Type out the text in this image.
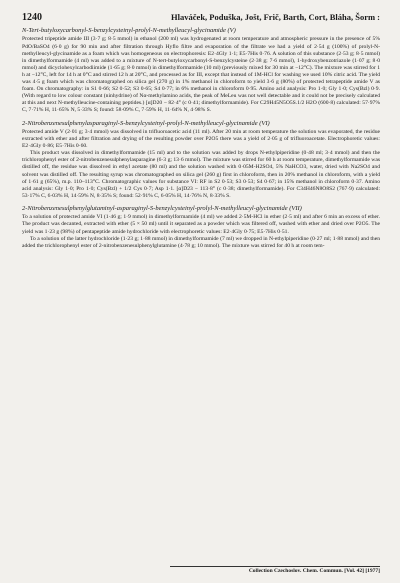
1240	Hlaváček, Poduška, Jošt, Frič, Barth, Cort, Bláha, Šorm :
N-Tert-butyloxycarbonyl-S-benzylcysteinyl-prolyl-N-methylleucyl-glycinamide (V)

Protected tripeptide amide III (3·7 g; 8·5 mmol) in ethanol (200 ml) was hydrogenated at room temperature and atmospheric pressure in the presence of 5% PdO/BaSO4 (6·0 g) for 90 min and after filtration through Hyflo filtre and evaporation of the filtrate we had a yield of 2·54 g (100%) of prolyl-N-methylleucyl-glycinamide as a foam which was homogeneous on electrophoresis: E2·4Gly 1·1; E5·7His 0·76. A solution of this substance (2·53 g; 8·5 mmol) in dimethylformamide (4 ml) was added to a mixture of N-tert-butyloxycarbonyl-S-benzylcysteine (2·38 g; 7·6 mmol), 1-hydroxybenzotriazole (1·07 g; 8·0 mmol) and dicyclohexylcarbodiimide (1·65 g; 8·0 mmol) in dimethylformamide (10 ml) (previously mixed for 30 min at −12°C). The mixture was stirred for 1 h at −12°C, left for 14 h at 0°C and stirred 12 h at 20°C, and processed as for III, except that instead of 1M-HCl for washing we used 10% citric acid. The yield was 4·5 g foam which was chromatographed on silica gel (270 g) in 1% methanol in chloroform to yield 3·6 g (80%) of protected tetrapeptide amide V as foam. On chromatography: in S1 0·66; S2 0·52; S3 0·65; S4 0·77; in 6% methanol in chloroform 0·95. Amino acid analysis: Pro 1·0; Gly 1·0; Cys(Bzl) 0·9. (With regard to low colour constant (ninhydrine) of Nα-methylamino acids, the peak of MeLeu was not well detectable and it could not be precisely calculated at this and next N-methylleucine-containing peptides.) [α]D20 − 82·4° (c 0·41; dimethylformamide). For C29H45N5O5S.1/2 H2O (600·8) calculated: 57·97% C, 7·71% H, 11·65% N, 5·33% S; found: 58·09% C, 7·59% H, 11·64% N, 4·98% S.

2-Nitrobenzenesulphenylasparaginyl-S-benzylcysteinyl-prolyl-N-methylleucyl-glycinamide (VI)

Protected amide V (2·01 g; 3·4 mmol) was dissolved in trifluoroacetic acid (11 ml). After 20 min at room temperature the solution was evaporated, the residue extracted with ether and after filtration and drying of the resulting powder over P2O5 there was a yield of 2·05 g of trifluoroacetate. Electrophoretic values: E2·4Gly 0·86; E5·7His 0·60.

This product was dissolved in dimethylformamide (15 ml) and to the solution was added by drops N-ethylpiperidine (0·48 ml; 3·4 mmol) and then the trichlorophenyl ester of 2-nitrobenzenesulphenylasparagine (6·3 g; 13·6 mmol). The mixture was stirred for 60 h at room temperature, dimethylformamide was distilled off, the residue was dissolved in ethyl acetate (80 ml) and the solution washed with 0·05M-H2SO4, 5% NaHCO3, water, dried with Na2SO4 and solvent was distilled off. The resulting syrup was chromatographed on silica gel (260 g) first in chloroform, then in 20% methanol in chloroform, with a yield of 1·61 g (65%), m.p. 110–113°C. Chromatographic values for substance VI: RF in S2 0·53; S3 0·53; S4 0·67; in 15% methanol in chloroform 0·37. Amino acid analysis: Gly 1·0; Pro 1·0; Cys(Bzl) + 1/2 Cys 0·7; Asp 1·1. [α]D23 − 113·8° (c 0·38; dimethylformamide). For C34H46N8O8S2 (767·9) calculated: 53·17% C, 6·03% H, 14·59% N, 8·35% S; found: 52·91% C, 6·05% H, 14·76% N, 8·33% S.

2-Nitrobenzenesulphenylglutaminyl-asparaginyl-S-benzylcysteinyl-prolyl-N-methylleucyl-glycinamide (VII)

To a solution of protected amide VI (1·46 g; 1·9 mmol) in dimethylformamide (4 ml) we added 2·5M-HCl in ether (2·5 ml) and after 6 min an excess of ether. The product was decanted, extracted with ether (5 × 50 ml) until it separated as a powder which was filtered off, washed with ether and dried over P2O5. The yield was 1·23 g (98%) of pentapeptide amide hydrochloride with electrophoretic values: E2·4Gly 0·75; E5·7His 0·51.

To a solution of the latter hydrochloride (1·23 g; 1·88 mmol) in dimethylformamide (7 ml) we dropped in N-ethylpiperidine (0·27 ml; 1·88 mmol) and then added the trichlorophenyl ester of 2-nitrobenzenesulphenylglutamine (4·78 g; 10 mmol). The mixture was stirred for 40 h at room tem-

Collection Czechoslov. Chem. Commun. [Vol. 42] [1977]
